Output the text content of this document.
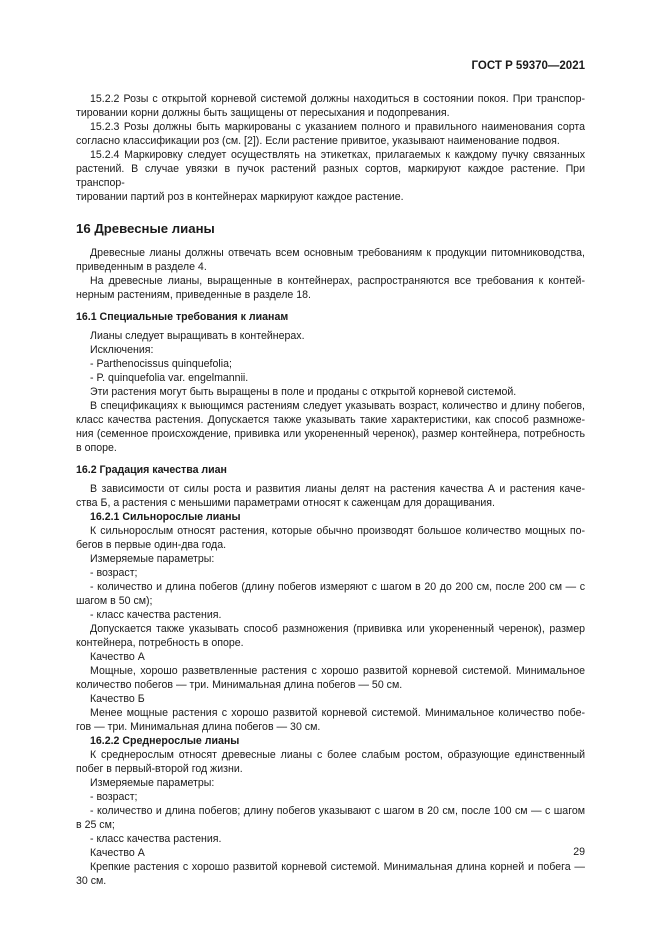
ГОСТ Р 59370—2021
15.2.2 Розы с открытой корневой системой должны находиться в состоянии покоя. При транспор-
тировании корни должны быть защищены от пересыхания и подопревания.
15.2.3 Розы должны быть маркированы с указанием полного и правильного наименования сорта
согласно классификации роз (см. [2]). Если растение привитое, указывают наименование подвоя.
15.2.4 Маркировку следует осуществлять на этикетках, прилагаемых к каждому пучку связанных
растений. В случае увязки в пучок растений разных сортов, маркируют каждое растение. При транспор-
тировании партий роз в контейнерах маркируют каждое растение.
16 Древесные лианы
Древесные лианы должны отвечать всем основным требованиям к продукции питомниководства,
приведенным в разделе 4.
На древесные лианы, выращенные в контейнерах, распространяются все требования к контей-
нерным растениям, приведенные в разделе 18.
16.1 Специальные требования к лианам
Лианы следует выращивать в контейнерах.
Исключения:
- Parthenocissus quinquefolia;
- P. quinquefolia var. engelmannii.
Эти растения могут быть выращены в поле и проданы с открытой корневой системой.
В спецификациях к выющимся растениям следует указывать возраст, количество и длину побегов,
класс качества растения. Допускается также указывать такие характеристики, как способ размноже-
ния (семенное происхождение, прививка или укорененный черенок), размер контейнера, потребность
в опоре.
16.2 Градация качества лиан
В зависимости от силы роста и развития лианы делят на растения качества А и растения каче-
ства Б, а растения с меньшими параметрами относят к саженцам для доращивания.
16.2.1 Сильнорослые лианы
К сильнорослым относят растения, которые обычно производят большое количество мощных по-
бегов в первые один-два года.
Измеряемые параметры:
- возраст;
- количество и длина побегов (длину побегов измеряют с шагом в 20 до 200 см, после 200 см — с
шагом в 50 см);
- класс качества растения.
Допускается также указывать способ размножения (прививка или укорененный черенок), размер
контейнера, потребность в опоре.
Качество А
Мощные, хорошо разветвленные растения с хорошо развитой корневой системой. Минимальное
количество побегов — три. Минимальная длина побегов — 50 см.
Качество Б
Менее мощные растения с хорошо развитой корневой системой. Минимальное количество побе-
гов — три. Минимальная длина побегов — 30 см.
16.2.2 Среднерослые лианы
К среднерослым относят древесные лианы с более слабым ростом, образующие единственный
побег в первый-второй год жизни.
Измеряемые параметры:
- возраст;
- количество и длина побегов; длину побегов указывают с шагом в 20 см, после 100 см — с шагом
в 25 см;
- класс качества растения.
Качество А
Крепкие растения с хорошо развитой корневой системой. Минимальная длина корней и побега —
30 см.
29
